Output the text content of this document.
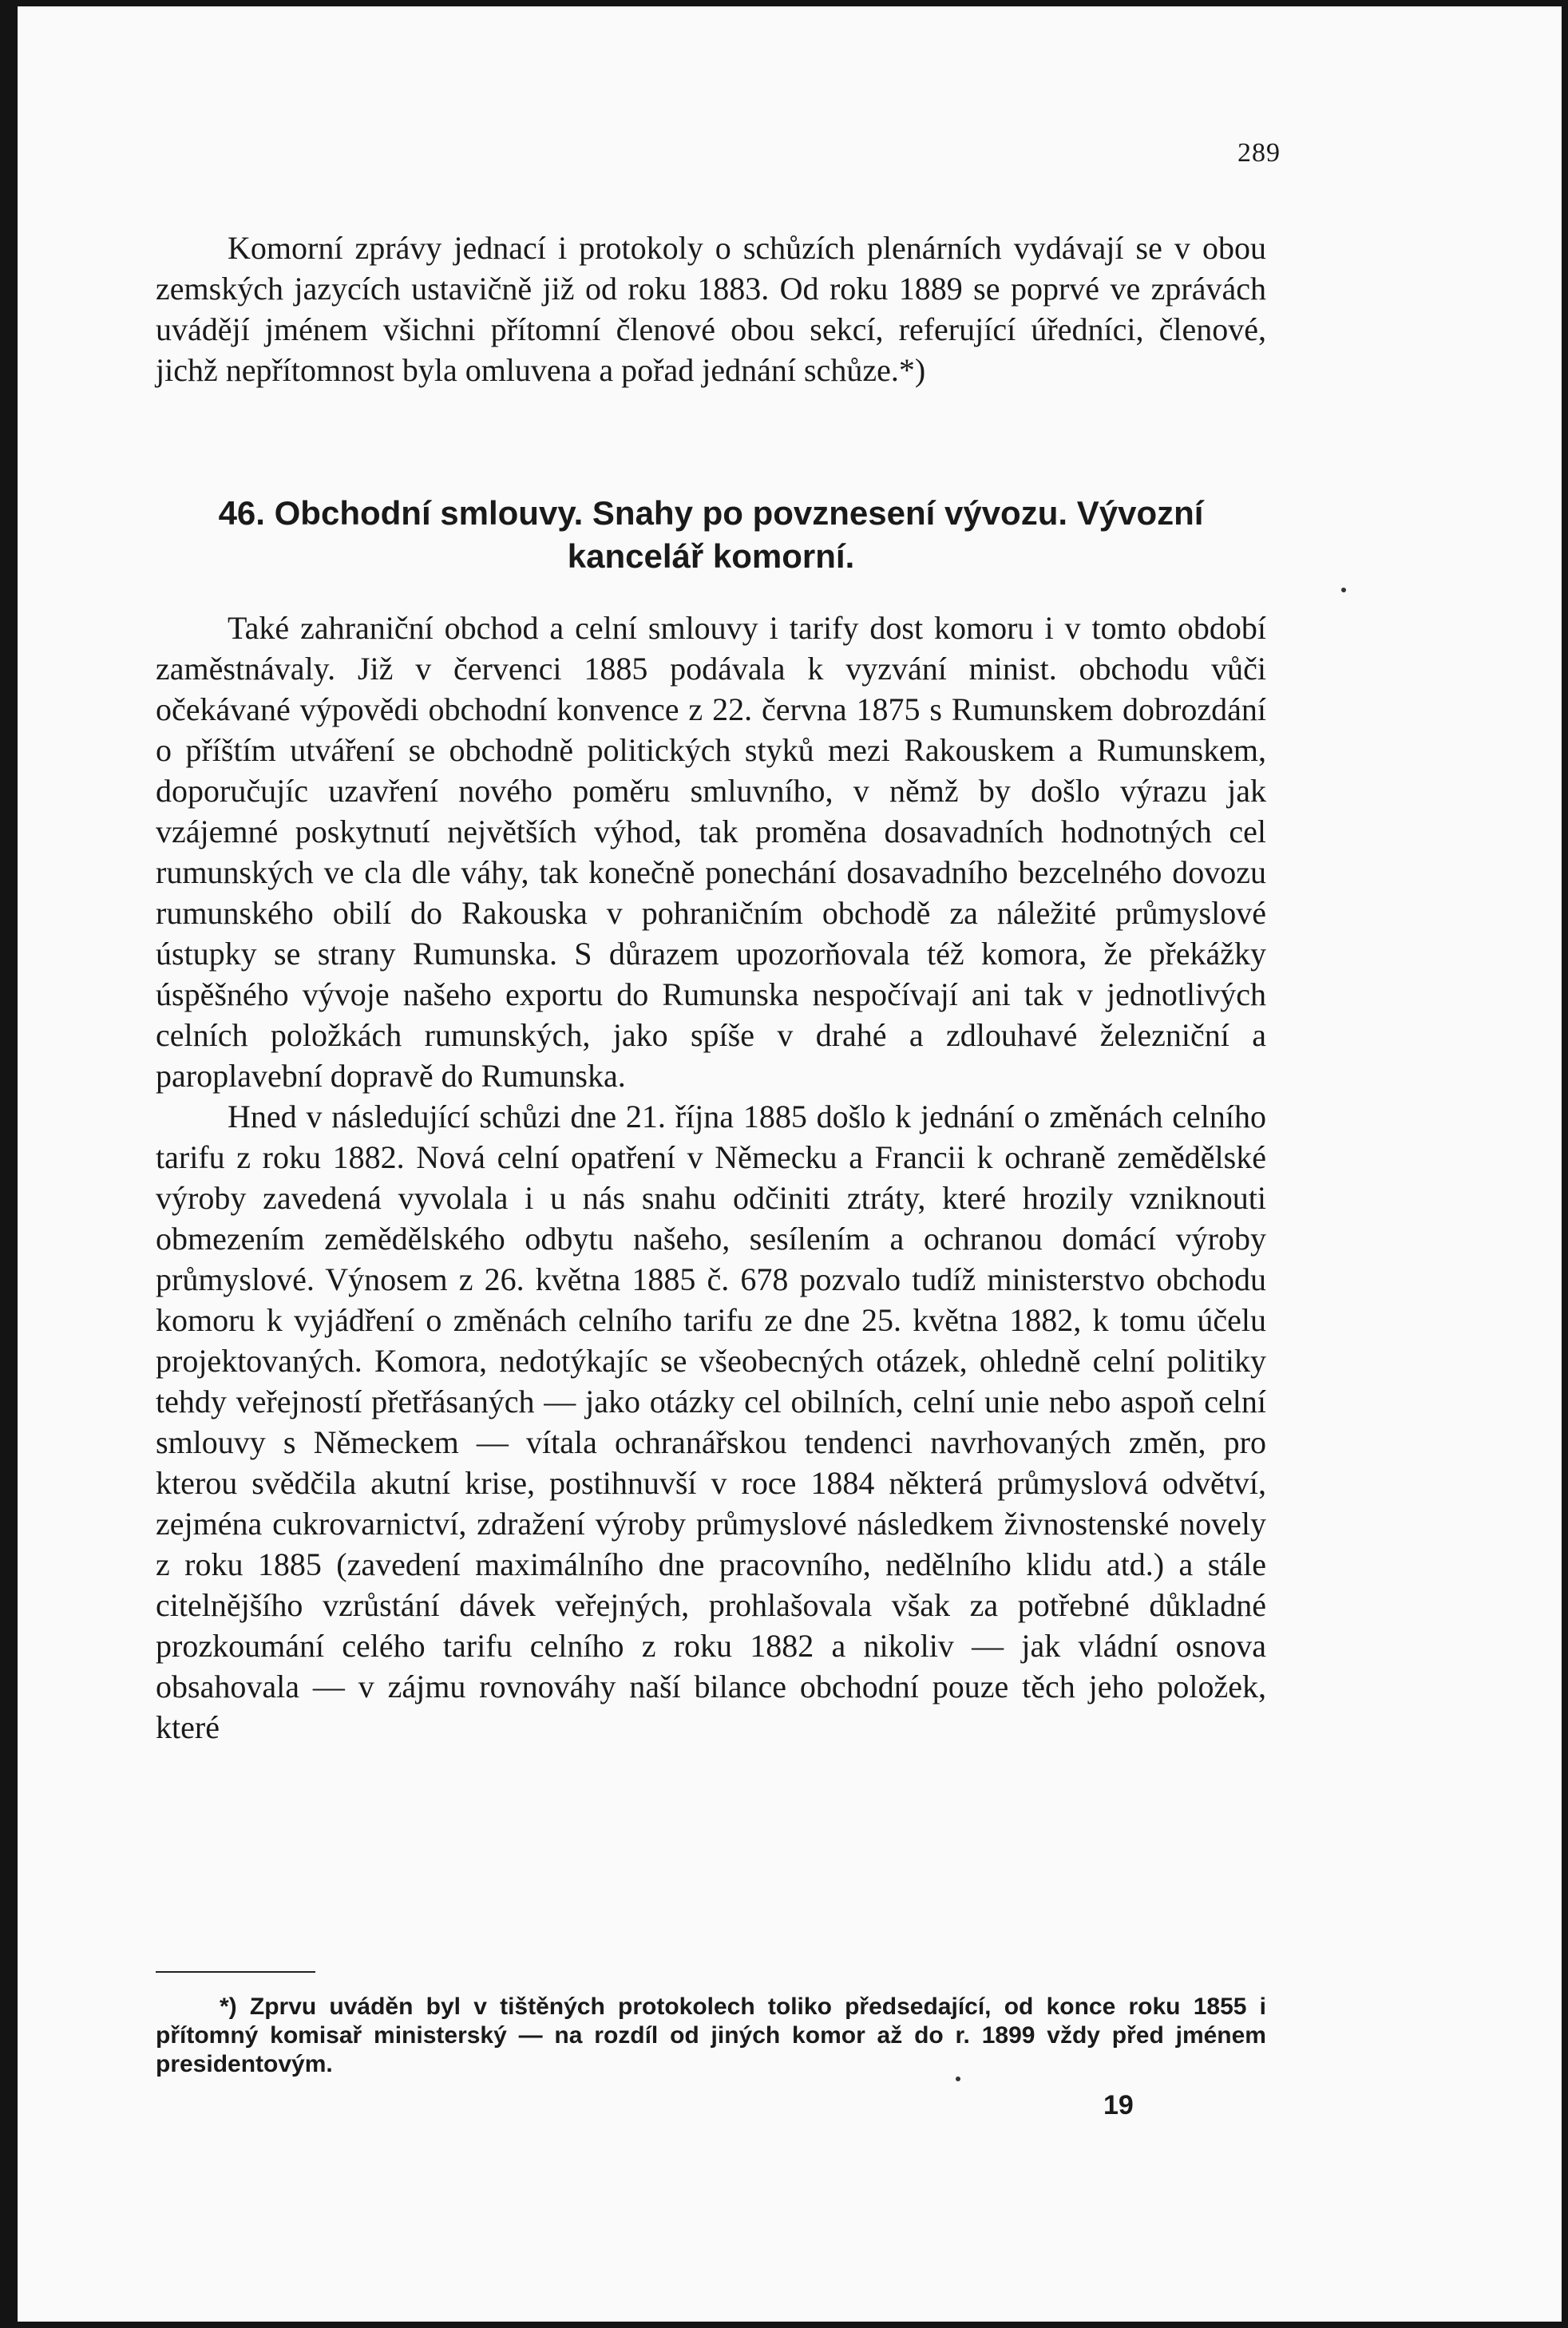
289

Komorní zprávy jednací i protokoly o schůzích plenárních vydávají se v obou zemských jazycích ustavičně již od roku 1883. Od roku 1889 se poprvé ve zprávách uvádějí jménem všichni přítomní členové obou sekcí, referující úředníci, členové, jichž nepřítomnost byla omluvena a pořad jednání schůze.*)

46. Obchodní smlouvy. Snahy po povznesení vývozu. Vývozní kancelář komorní.

Také zahraniční obchod a celní smlouvy i tarify dost komoru i v tomto období zaměstnávaly. Již v červenci 1885 podávala k vyzvání minist. obchodu vůči očekávané výpovědi obchodní konvence z 22. června 1875 s Rumunskem dobrozdání o příštím utváření se obchodně politických styků mezi Rakouskem a Rumunskem, doporučujíc uzavření nového poměru smluvního, v němž by došlo výrazu jak vzájemné poskytnutí největších výhod, tak proměna dosavadních hodnotných cel rumunských ve cla dle váhy, tak konečně ponechání dosavadního bezcelného dovozu rumunského obilí do Rakouska v pohraničním obchodě za náležité průmyslové ústupky se strany Rumunska. S důrazem upozorňovala též komora, že překážky úspěšného vývoje našeho exportu do Rumunska nespočívají ani tak v jednotlivých celních položkách rumunských, jako spíše v drahé a zdlouhavé železniční a paroplavební dopravě do Rumunska.

Hned v následující schůzi dne 21. října 1885 došlo k jednání o změnách celního tarifu z roku 1882. Nová celní opatření v Německu a Francii k ochraně zemědělské výroby zavedená vyvolala i u nás snahu odčiniti ztráty, které hrozily vzniknouti obmezením zemědělského odbytu našeho, sesílením a ochranou domácí výroby průmyslové. Výnosem z 26. května 1885 č. 678 pozvalo tudíž ministerstvo obchodu komoru k vyjádření o změnách celního tarifu ze dne 25. května 1882, k tomu účelu projektovaných. Komora, nedotýkajíc se všeobecných otázek, ohledně celní politiky tehdy veřejností přetřásaných — jako otázky cel obilních, celní unie nebo aspoň celní smlouvy s Německem — vítala ochranářskou tendenci navrhovaných změn, pro kterou svědčila akutní krise, postihnuvší v roce 1884 některá průmyslová odvětví, zejména cukrovarnictví, zdražení výroby průmyslové následkem živnostenské novely z roku 1885 (zavedení maximálního dne pracovního, nedělního klidu atd.) a stále citelnějšího vzrůstání dávek veřejných, prohlašovala však za potřebné důkladné prozkoumání celého tarifu celního z roku 1882 a nikoliv — jak vládní osnova obsahovala — v zájmu rovnováhy naší bilance obchodní pouze těch jeho položek, které

*) Zprvu uváděn byl v tištěných protokolech toliko předsedající, od konce roku 1855 i přítomný komisař ministerský — na rozdíl od jiných komor až do r. 1899 vždy před jménem presidentovým.

19
